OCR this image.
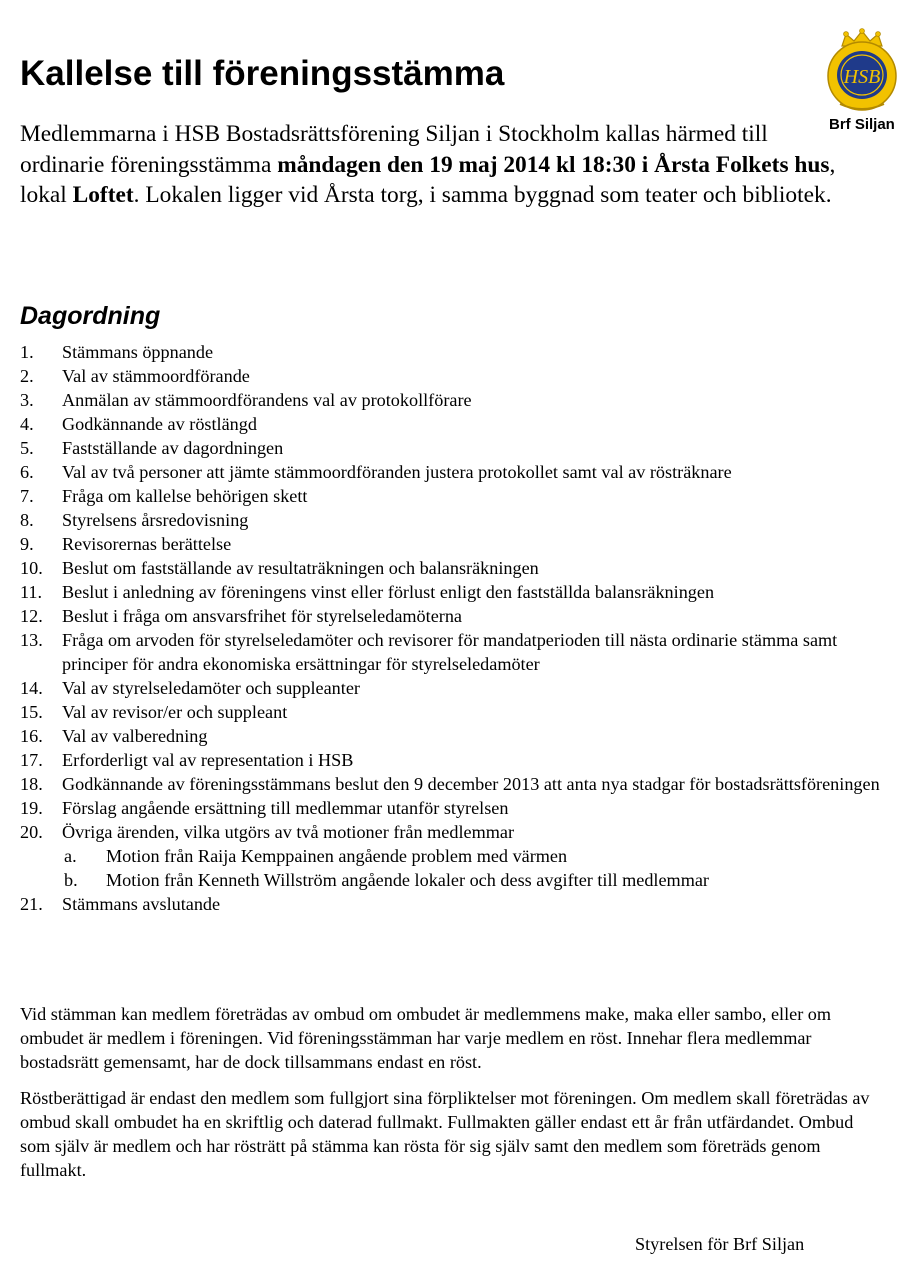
Kallelse till föreningsstämma	HSB
Brf Siljan

Medlemmarna i HSB Bostadsrättsförening Siljan i Stockholm kallas härmed till ordinarie föreningsstämma måndagen den 19 maj 2014 kl 18:30 i Årsta Folkets hus, lokal Loftet. Lokalen ligger vid Årsta torg, i samma byggnad som teater och bibliotek.

Dagordning
1. Stämmans öppnande
2. Val av stämmoordförande
3. Anmälan av stämmoordförandens val av protokollförare
4. Godkännande av röstlängd
5. Fastställande av dagordningen
6. Val av två personer att jämte stämmoordföranden justera protokollet samt val av rösträknare
7. Fråga om kallelse behörigen skett
8. Styrelsens årsredovisning
9. Revisorernas berättelse
10. Beslut om fastställande av resultaträkningen och balansräkningen
11. Beslut i anledning av föreningens vinst eller förlust enligt den fastställda balansräkningen
12. Beslut i fråga om ansvarsfrihet för styrelseledamöterna
13. Fråga om arvoden för styrelseledamöter och revisorer för mandatperioden till nästa ordinarie stämma samt principer för andra ekonomiska ersättningar för styrelseledamöter
14. Val av styrelseledamöter och suppleanter
15. Val av revisor/er och suppleant
16. Val av valberedning
17. Erforderligt val av representation i HSB
18. Godkännande av föreningsstämmans beslut den 9 december 2013 att anta nya stadgar för bostadsrättsföreningen
19. Förslag angående ersättning till medlemmar utanför styrelsen
20. Övriga ärenden, vilka utgörs av två motioner från medlemmar
a. Motion från Raija Kemppainen angående problem med värmen
b. Motion från Kenneth Willström angående lokaler och dess avgifter till medlemmar
21. Stämmans avslutande

Vid stämman kan medlem företrädas av ombud om ombudet är medlemmens make, maka eller sambo, eller om ombudet är medlem i föreningen. Vid föreningsstämman har varje medlem en röst. Innehar flera medlemmar bostadsrätt gemensamt, har de dock tillsammans endast en röst.

Röstberättigad är endast den medlem som fullgjort sina förpliktelser mot föreningen. Om medlem skall företrädas av ombud skall ombudet ha en skriftlig och daterad fullmakt. Fullmakten gäller endast ett år från utfärdandet. Ombud som själv är medlem och har rösträtt på stämma kan rösta för sig själv samt den medlem som företräds genom fullmakt.

Styrelsen för Brf Siljan
